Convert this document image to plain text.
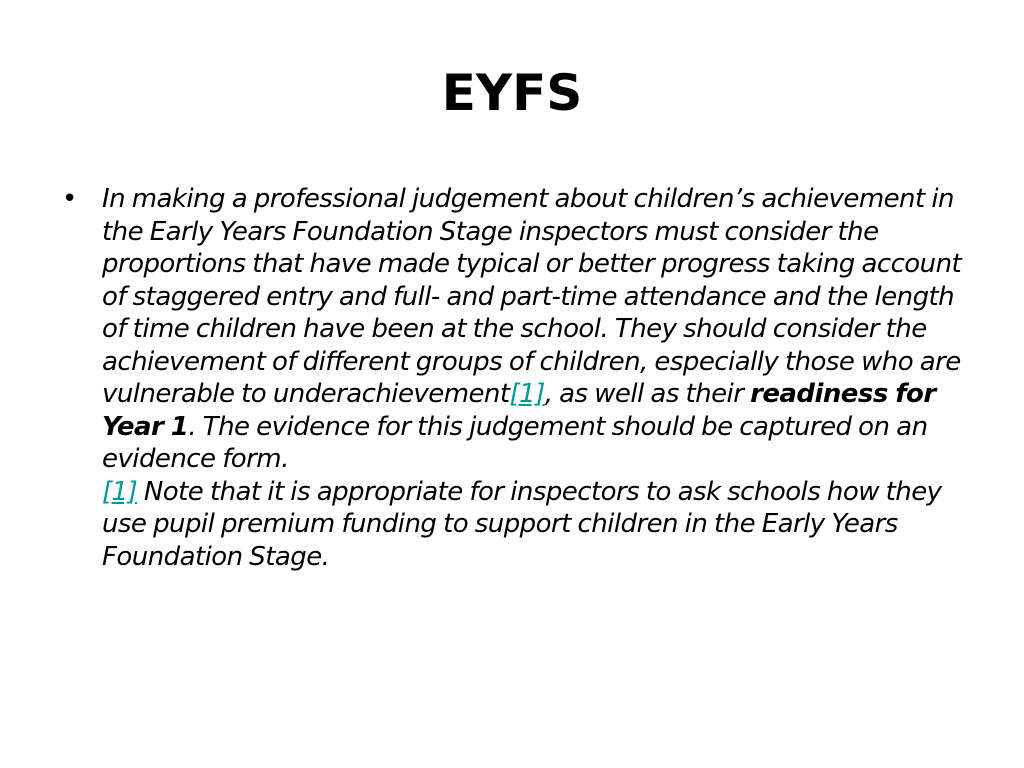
EYFS
• In making a professional judgement about children’s achievement in the Early Years Foundation Stage inspectors must consider the proportions that have made typical or better progress taking account of staggered entry and full- and part-time attendance and the length of time children have been at the school. They should consider the achievement of different groups of children, especially those who are vulnerable to underachievement[1], as well as their readiness for Year 1. The evidence for this judgement should be captured on an evidence form.
[1] Note that it is appropriate for inspectors to ask schools how they use pupil premium funding to support children in the Early Years Foundation Stage.
